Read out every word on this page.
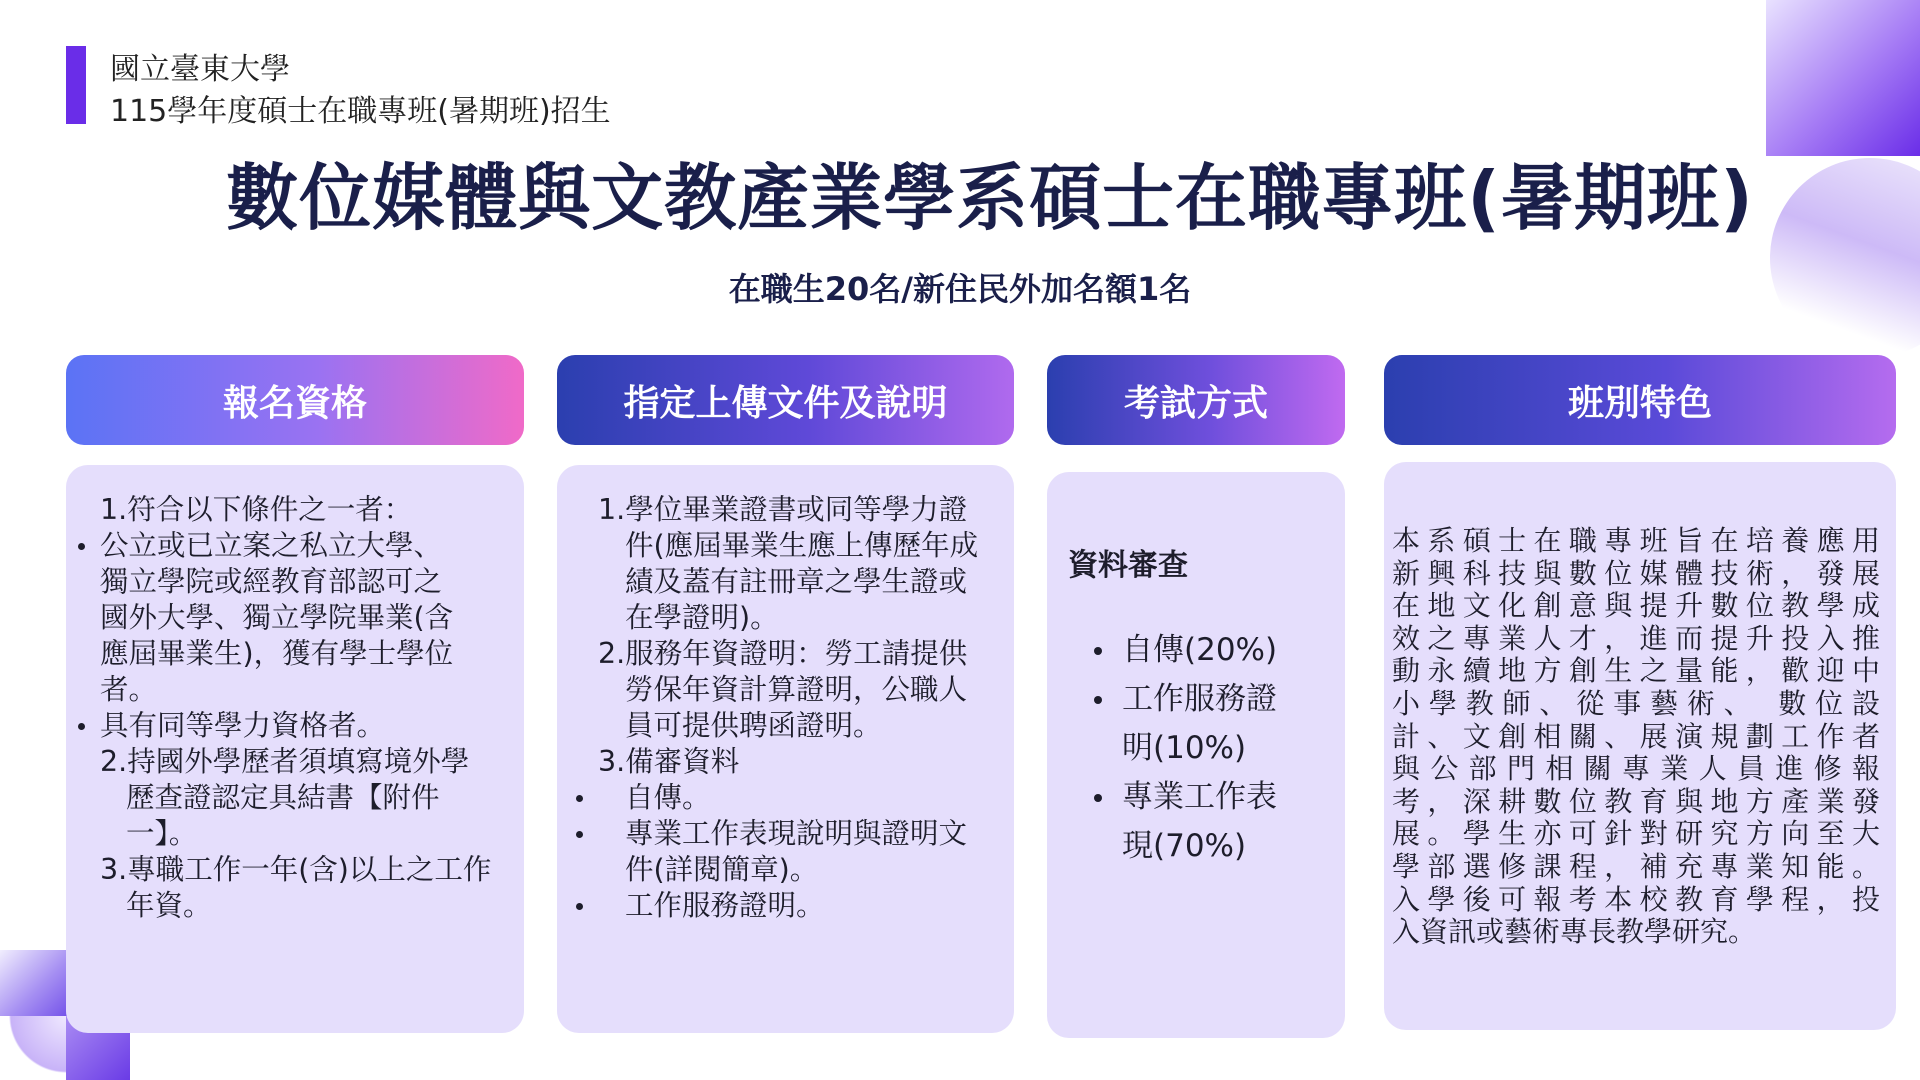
國立臺東大學
115學年度碩士在職專班(暑期班)招生
數位媒體與文教產業學系碩士在職專班(暑期班)
在職生20名/新住民外加名額1名
報名資格	指定上傳文件及說明	考試方式	班別特色
1.符合以下條件之一者：
公立或已立案之私立大學、
獨立學院或經教育部認可之
國外大學、獨立學院畢業(含
應屆畢業生)，獲有學士學位
者。
具有同等學力資格者。
2.持國外學歷者須填寫境外學
歷查證認定具結書【附件
一】。
3.專職工作一年(含)以上之工作
年資。
1.學位畢業證書或同等學力證
件(應屆畢業生應上傳歷年成
績及蓋有註冊章之學生證或
在學證明)。
2.服務年資證明：勞工請提供
勞保年資計算證明，公職人
員可提供聘函證明。
3.備審資料
自傳。
專業工作表現說明與證明文
件(詳閱簡章)。
工作服務證明。
資料審查
自傳(20%)
工作服務證
明(10%)
專業工作表
現(70%)
本系碩士在職專班旨在培養應用
新興科技與數位媒體技術，發展
在地文化創意與提升數位教學成
效之專業人才，進而提升投入推
動永續地方創生之量能，歡迎中
小學教師、從事藝術、 數位設
計、文創相關、展演規劃工作者
與公部門相關專業人員進修報
考，深耕數位教育與地方產業發
展。學生亦可針對研究方向至大
學部選修課程，補充專業知能。
入學後可報考本校教育學程，投
入資訊或藝術專長教學研究。
